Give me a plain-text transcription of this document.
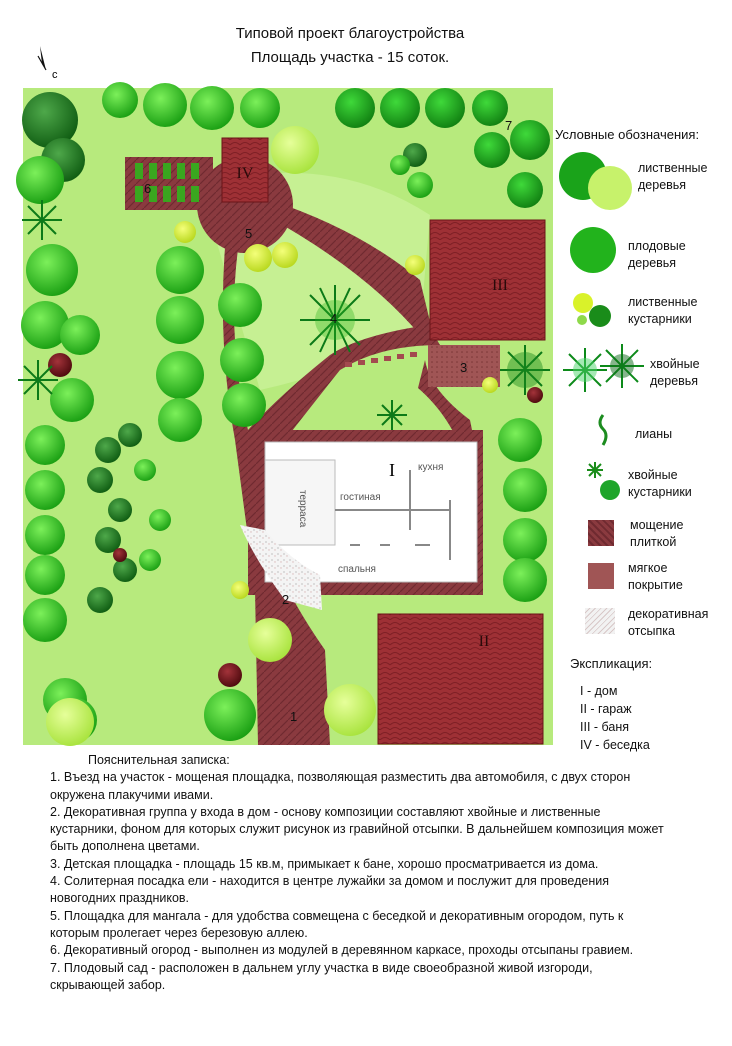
Типовой проект благоустройства
Площадь участка - 15 соток.
с
IV
III
I
терраса	гостиная
кухня
спальня
II
1
2
3
4
5
6
7
Условные обозначения:
лиственные
деревья
плодовые
деревья
лиственные
кустарники
хвойные
деревья
лианы
хвойные
кустарники
мощение
плиткой
мягкое
покрытие
декоративная
отсыпка
Экспликация:
I - дом
II - гараж
III - баня
IV - беседка

Пояснительная записка:

1. Въезд на участок - мощеная площадка, позволяющая разместить два автомобиля, с двух сторон окружена плакучими ивами.

2. Декоративная группа у входа в дом - основу композиции составляют хвойные и лиственные кустарники, фоном для которых служит рисунок из гравийной отсыпки. В дальнейшем композиция может быть дополнена цветами.

3. Детская площадка - площадь 15 кв.м, примыкает к бане, хорошо просматривается из дома.

4. Солитерная посадка ели - находится в центре лужайки за домом и послужит для проведения новогодних праздников.

5. Площадка для мангала - для удобства совмещена с беседкой и декоративным огородом, путь к которым пролегает через березовую аллею.

6. Декоративный огород - выполнен из модулей в деревянном каркасе, проходы отсыпаны гравием.

7. Плодовый сад - расположен в дальнем углу участка в виде своеобразной живой изгороди, скрывающей забор.
